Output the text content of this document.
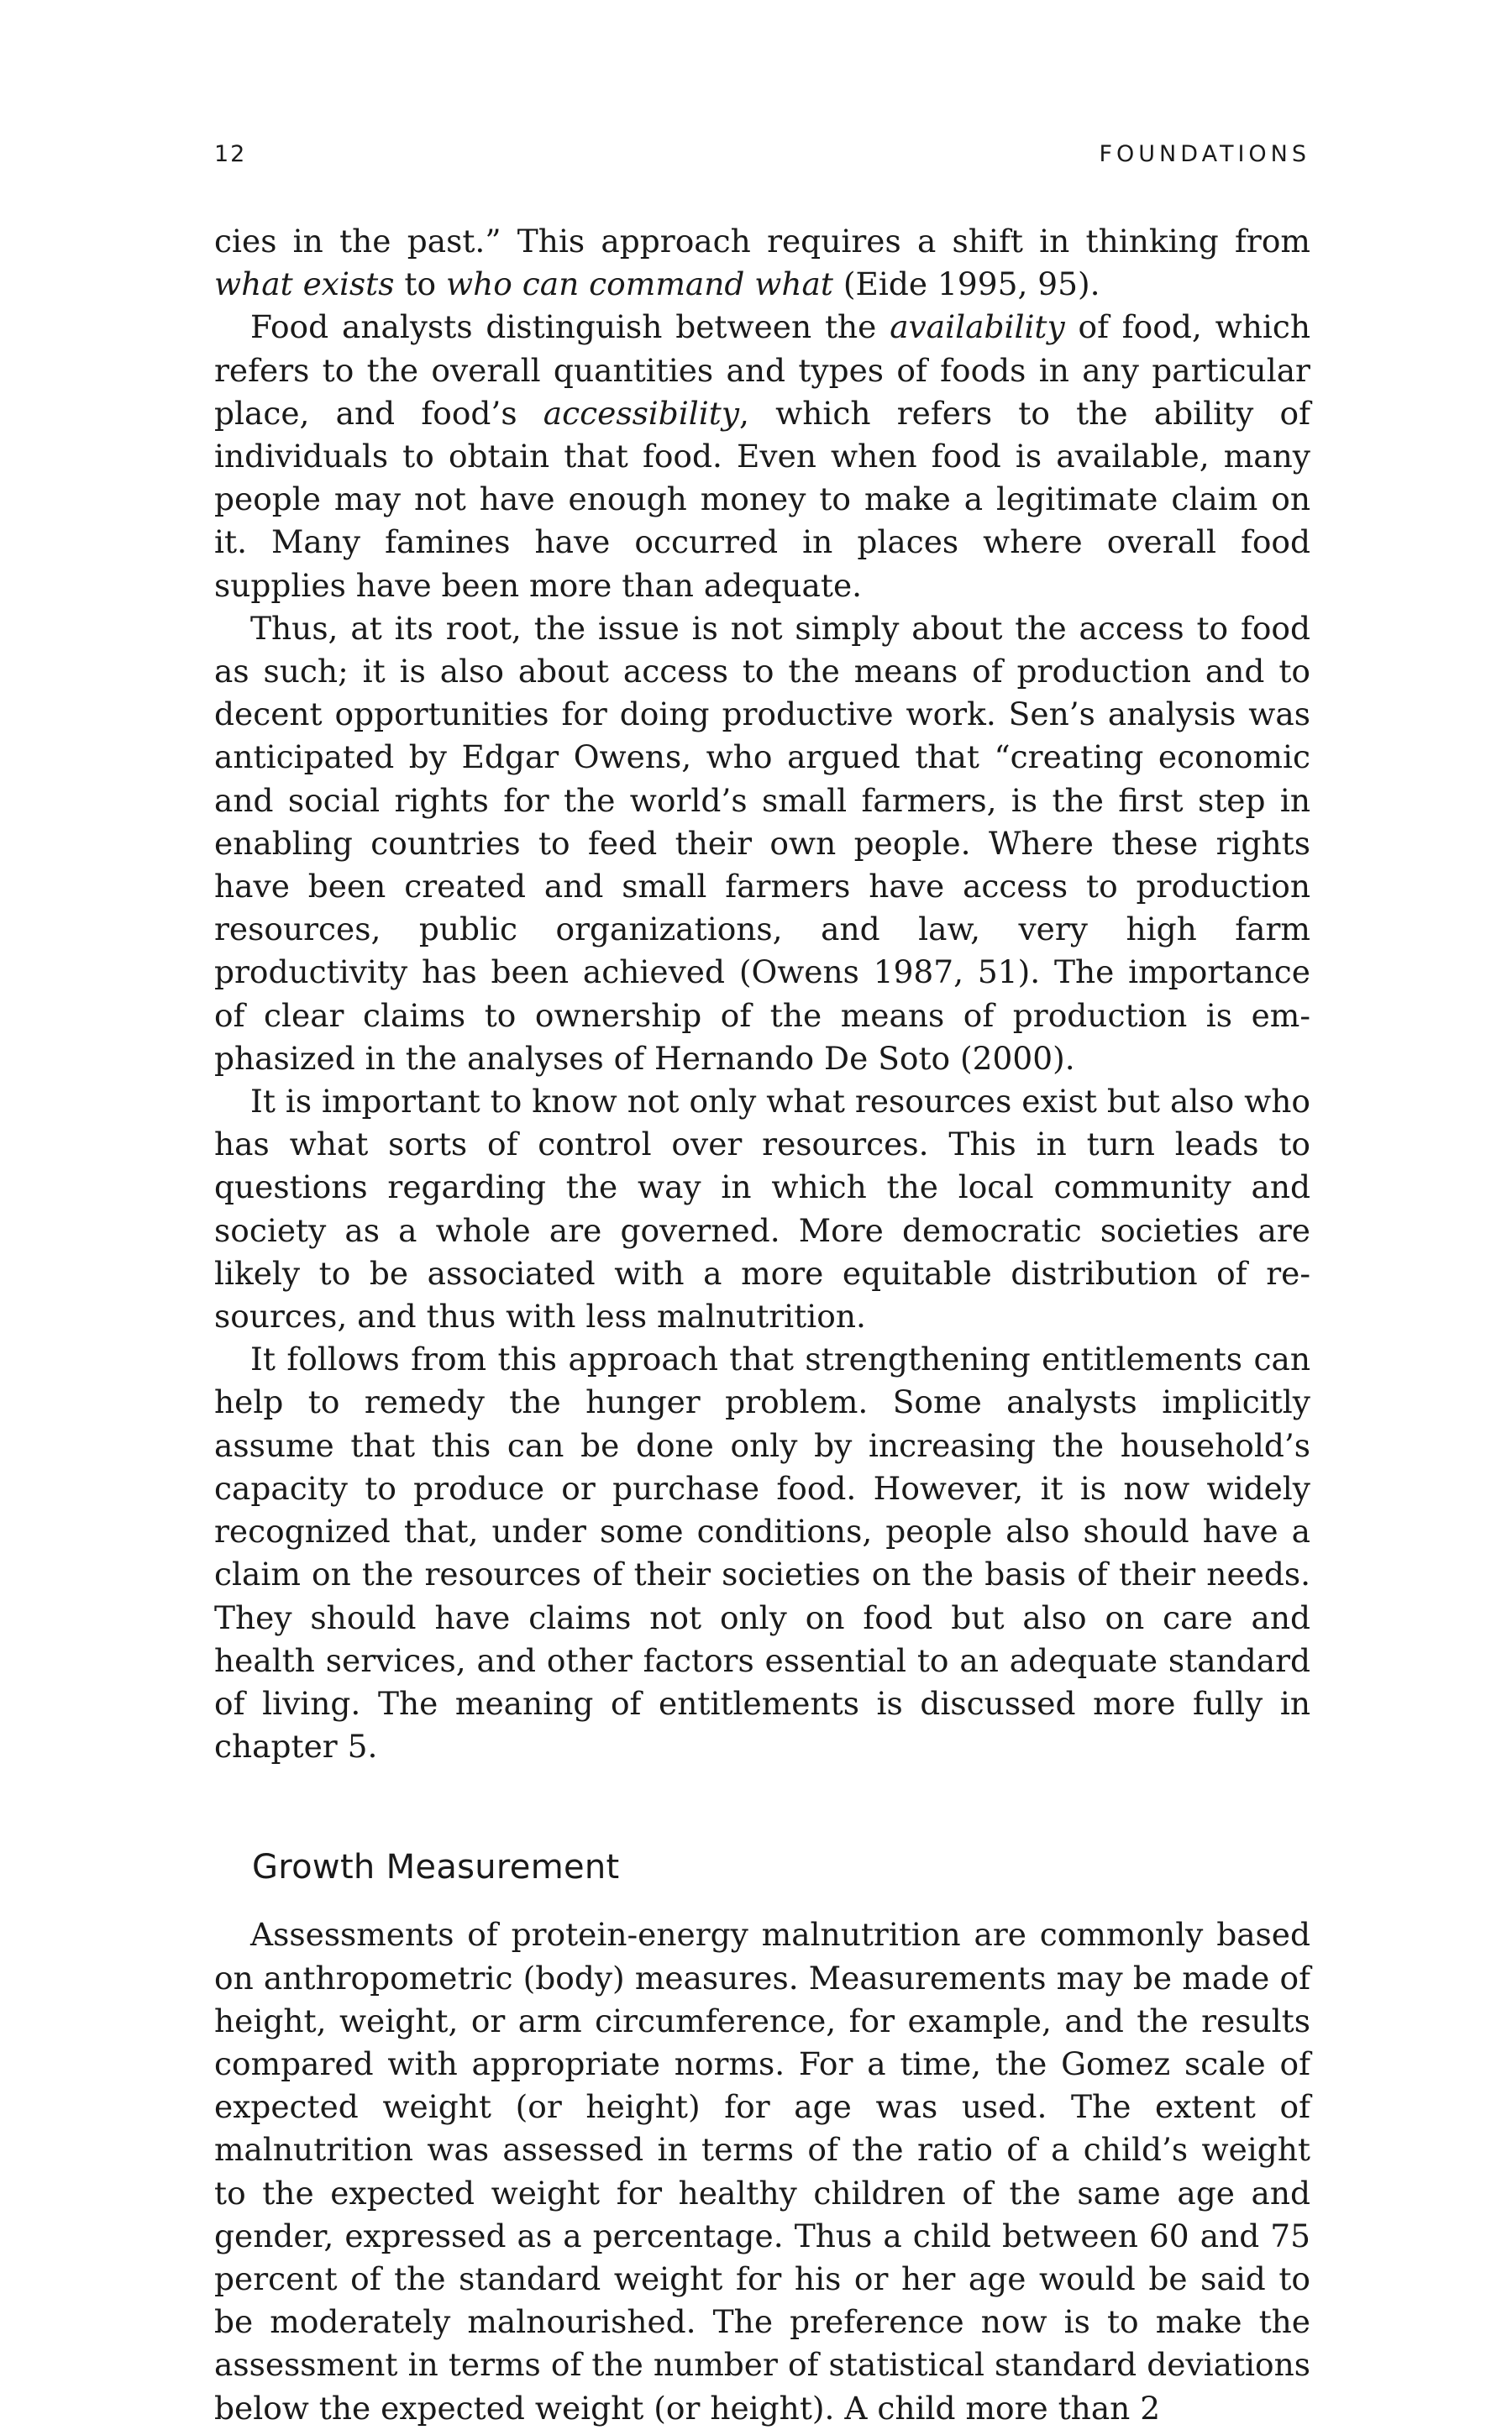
12	FOUNDATIONS

cies in the past.” This approach requires a shift in thinking from what exists to who can command what (Eide 1995, 95).

Food analysts distinguish between the availability of food, which refers to the overall quantities and types of foods in any particular place, and food’s accessibility, which refers to the ability of individuals to obtain that food. Even when food is available, many people may not have enough money to make a legitimate claim on it. Many famines have occurred in places where overall food supplies have been more than adequate.

Thus, at its root, the issue is not simply about the access to food as such; it is also about access to the means of production and to decent opportunities for doing productive work. Sen’s analysis was anticipated by Edgar Owens, who argued that “creating economic and social rights for the world’s small farmers, is the first step in enabling countries to feed their own people. Where these rights have been created and small farmers have access to production resources, public organizations, and law, very high farm productivity has been achieved (Owens 1987, 51). The importance of clear claims to ownership of the means of production is emphasized in the analyses of Hernando De Soto (2000).

It is important to know not only what resources exist but also who has what sorts of control over resources. This in turn leads to questions regarding the way in which the local community and society as a whole are governed. More democratic societies are likely to be associated with a more equitable distribution of resources, and thus with less malnutrition.

It follows from this approach that strengthening entitlements can help to remedy the hunger problem. Some analysts implicitly assume that this can be done only by increasing the household’s capacity to produce or purchase food. However, it is now widely recognized that, under some conditions, people also should have a claim on the resources of their societies on the basis of their needs. They should have claims not only on food but also on care and health services, and other factors essential to an adequate standard of living. The meaning of entitlements is discussed more fully in chapter 5.

Growth Measurement

Assessments of protein-energy malnutrition are commonly based on anthropometric (body) measures. Measurements may be made of height, weight, or arm circumference, for example, and the results compared with appropriate norms. For a time, the Gomez scale of expected weight (or height) for age was used. The extent of malnutrition was assessed in terms of the ratio of a child’s weight to the expected weight for healthy children of the same age and gender, expressed as a percentage. Thus a child between 60 and 75 percent of the standard weight for his or her age would be said to be moderately malnourished. The preference now is to make the assessment in terms of the number of statistical standard deviations below the expected weight (or height). A child more than 2
